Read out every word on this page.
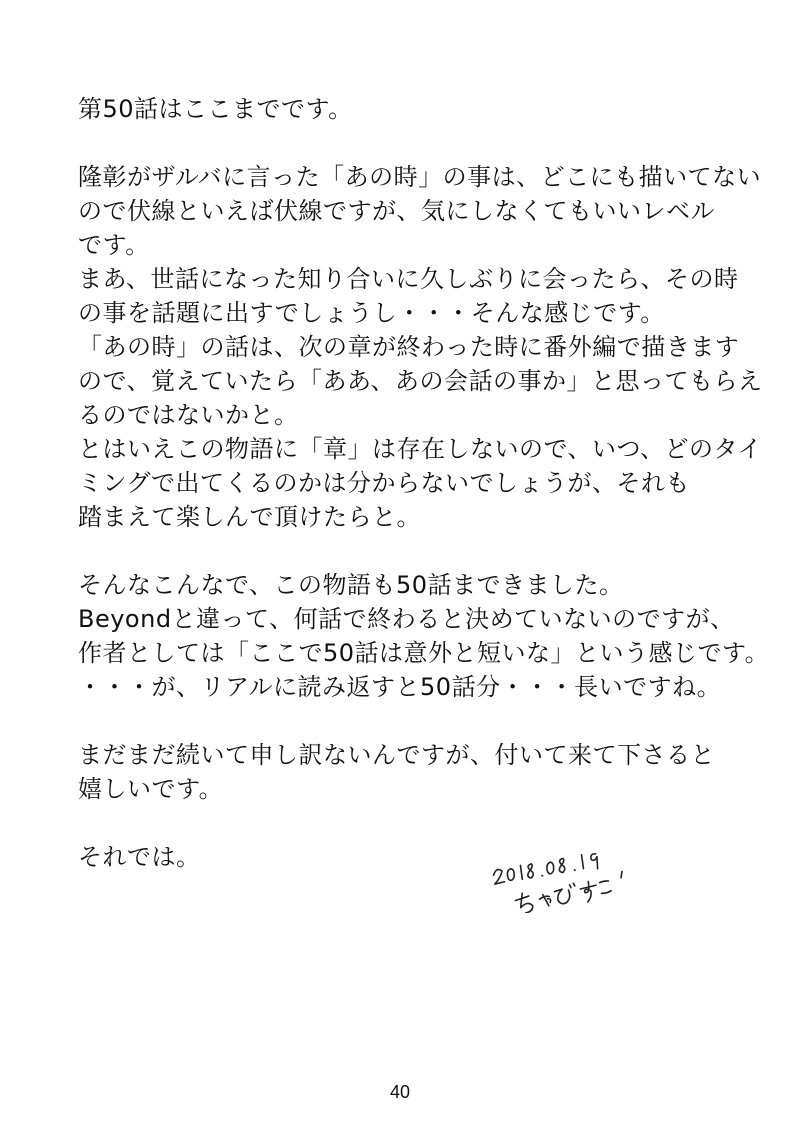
第50話はここまでです。
隆彰がザルバに言った「あの時」の事は、どこにも描いてない
ので伏線といえば伏線ですが、気にしなくてもいいレベル
です。
まあ、世話になった知り合いに久しぶりに会ったら、その時
の事を話題に出すでしょうし・・・そんな感じです。
「あの時」の話は、次の章が終わった時に番外編で描きます
ので、覚えていたら「ああ、あの会話の事か」と思ってもらえ
るのではないかと。
とはいえこの物語に「章」は存在しないので、いつ、どのタイ
ミングで出てくるのかは分からないでしょうが、それも
踏まえて楽しんで頂けたらと。
そんなこんなで、この物語も50話まできました。
Beyondと違って、何話で終わると決めていないのですが、
作者としては「ここで50話は意外と短いな」という感じです。
・・・が、リアルに読み返すと50話分・・・長いですね。
まだまだ続いて申し訳ないんですが、付いて来て下さると
嬉しいです。
それでは。
40
